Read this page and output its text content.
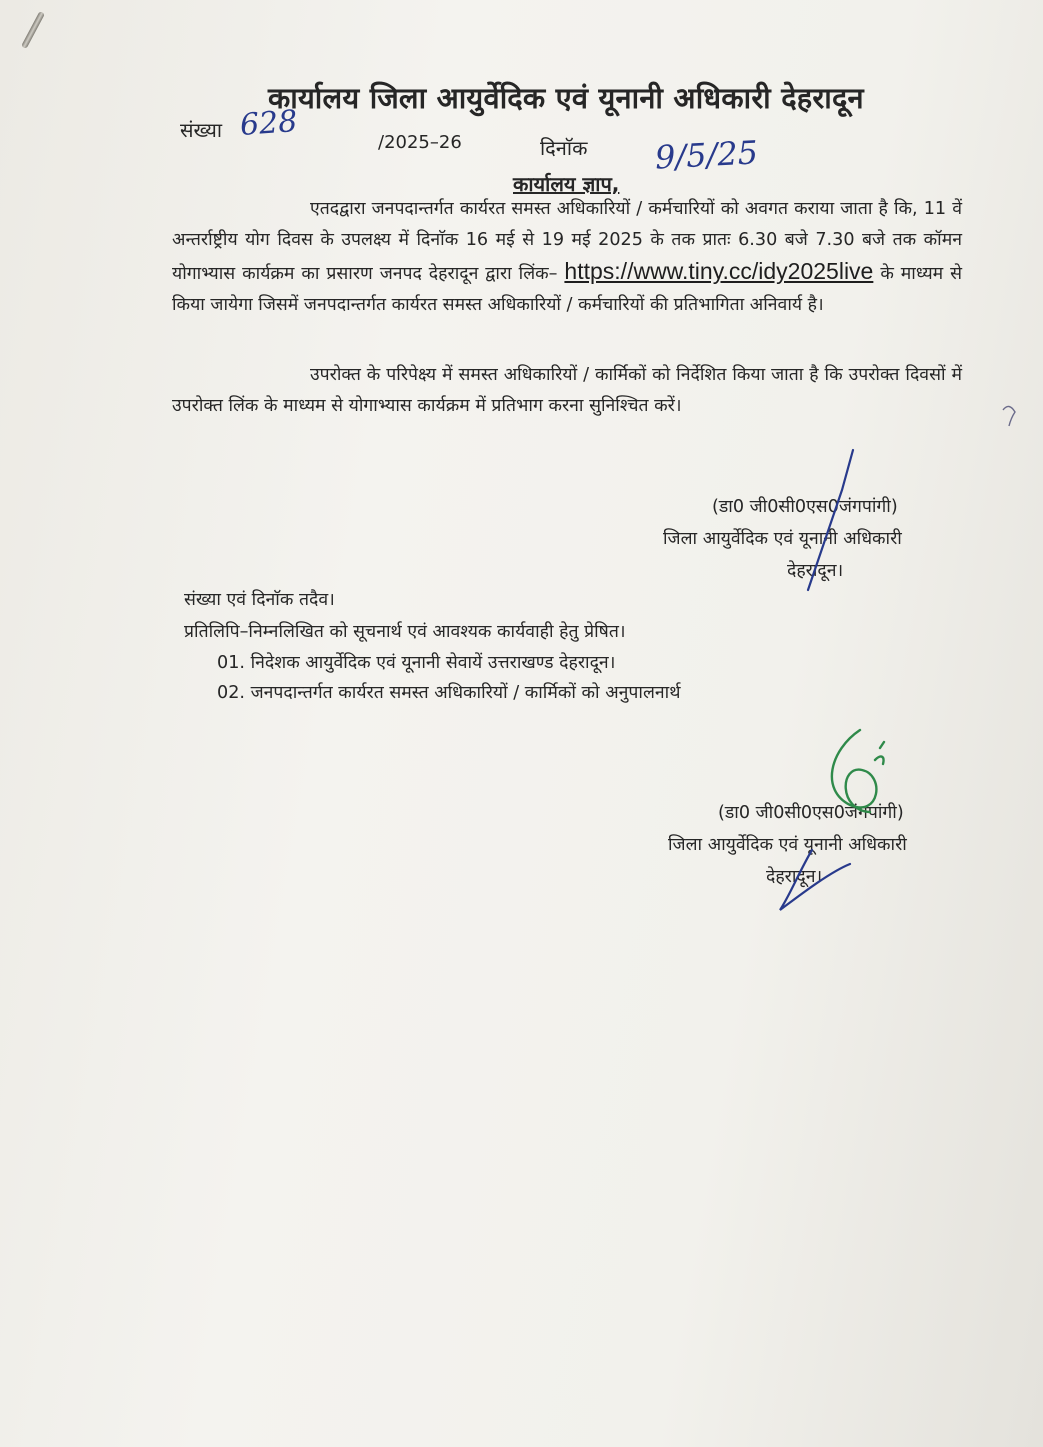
कार्यालय जिला आयुर्वेदिक एवं यूनानी अधिकारी देहरादून
संख्या 628	/2025–26	दिनाॅक 9/5/25
कार्यालय ज्ञाप,
एतदद्वारा जनपदान्तर्गत कार्यरत समस्त अधिकारियों / कर्मचारियों को अवगत कराया जाता है कि, 11 वें अन्तर्राष्ट्रीय योग दिवस के उपलक्ष्य में दिनाॅक 16 मई से 19 मई 2025 के तक प्रातः 6.30 बजे 7.30 बजे तक कॉमन योगाभ्यास कार्यक्रम का प्रसारण जनपद देहरादून द्वारा लिंक– https://www.tiny.cc/idy2025live के माध्यम से किया जायेगा जिसमें जनपदान्तर्गत कार्यरत समस्त अधिकारियों / कर्मचारियों की प्रतिभागिता अनिवार्य है।
उपरोक्त के परिपेक्ष्य में समस्त अधिकारियों / कार्मिकों को निर्देशित किया जाता है कि उपरोक्त दिवसों में उपरोक्त लिंक के माध्यम से योगाभ्यास कार्यक्रम में प्रतिभाग करना सुनिश्चित करें।
(डा0 जी0सी0एस0जंगपांगी)
जिला आयुर्वेदिक एवं यूनानी अधिकारी
देहरादून।
संख्या एवं दिनाॅक तदैव।
प्रतिलिपि–निम्नलिखित को सूचनार्थ एवं आवश्यक कार्यवाही हेतु प्रेषित।
01. निदेशक आयुर्वेदिक एवं यूनानी सेवायें उत्तराखण्ड देहरादून।
02. जनपदान्तर्गत कार्यरत समस्त अधिकारियों / कार्मिकों को अनुपालनार्थ
(डा0 जी0सी0एस0जंगपांगी)
जिला आयुर्वेदिक एवं यूनानी अधिकारी
देहरादून।
